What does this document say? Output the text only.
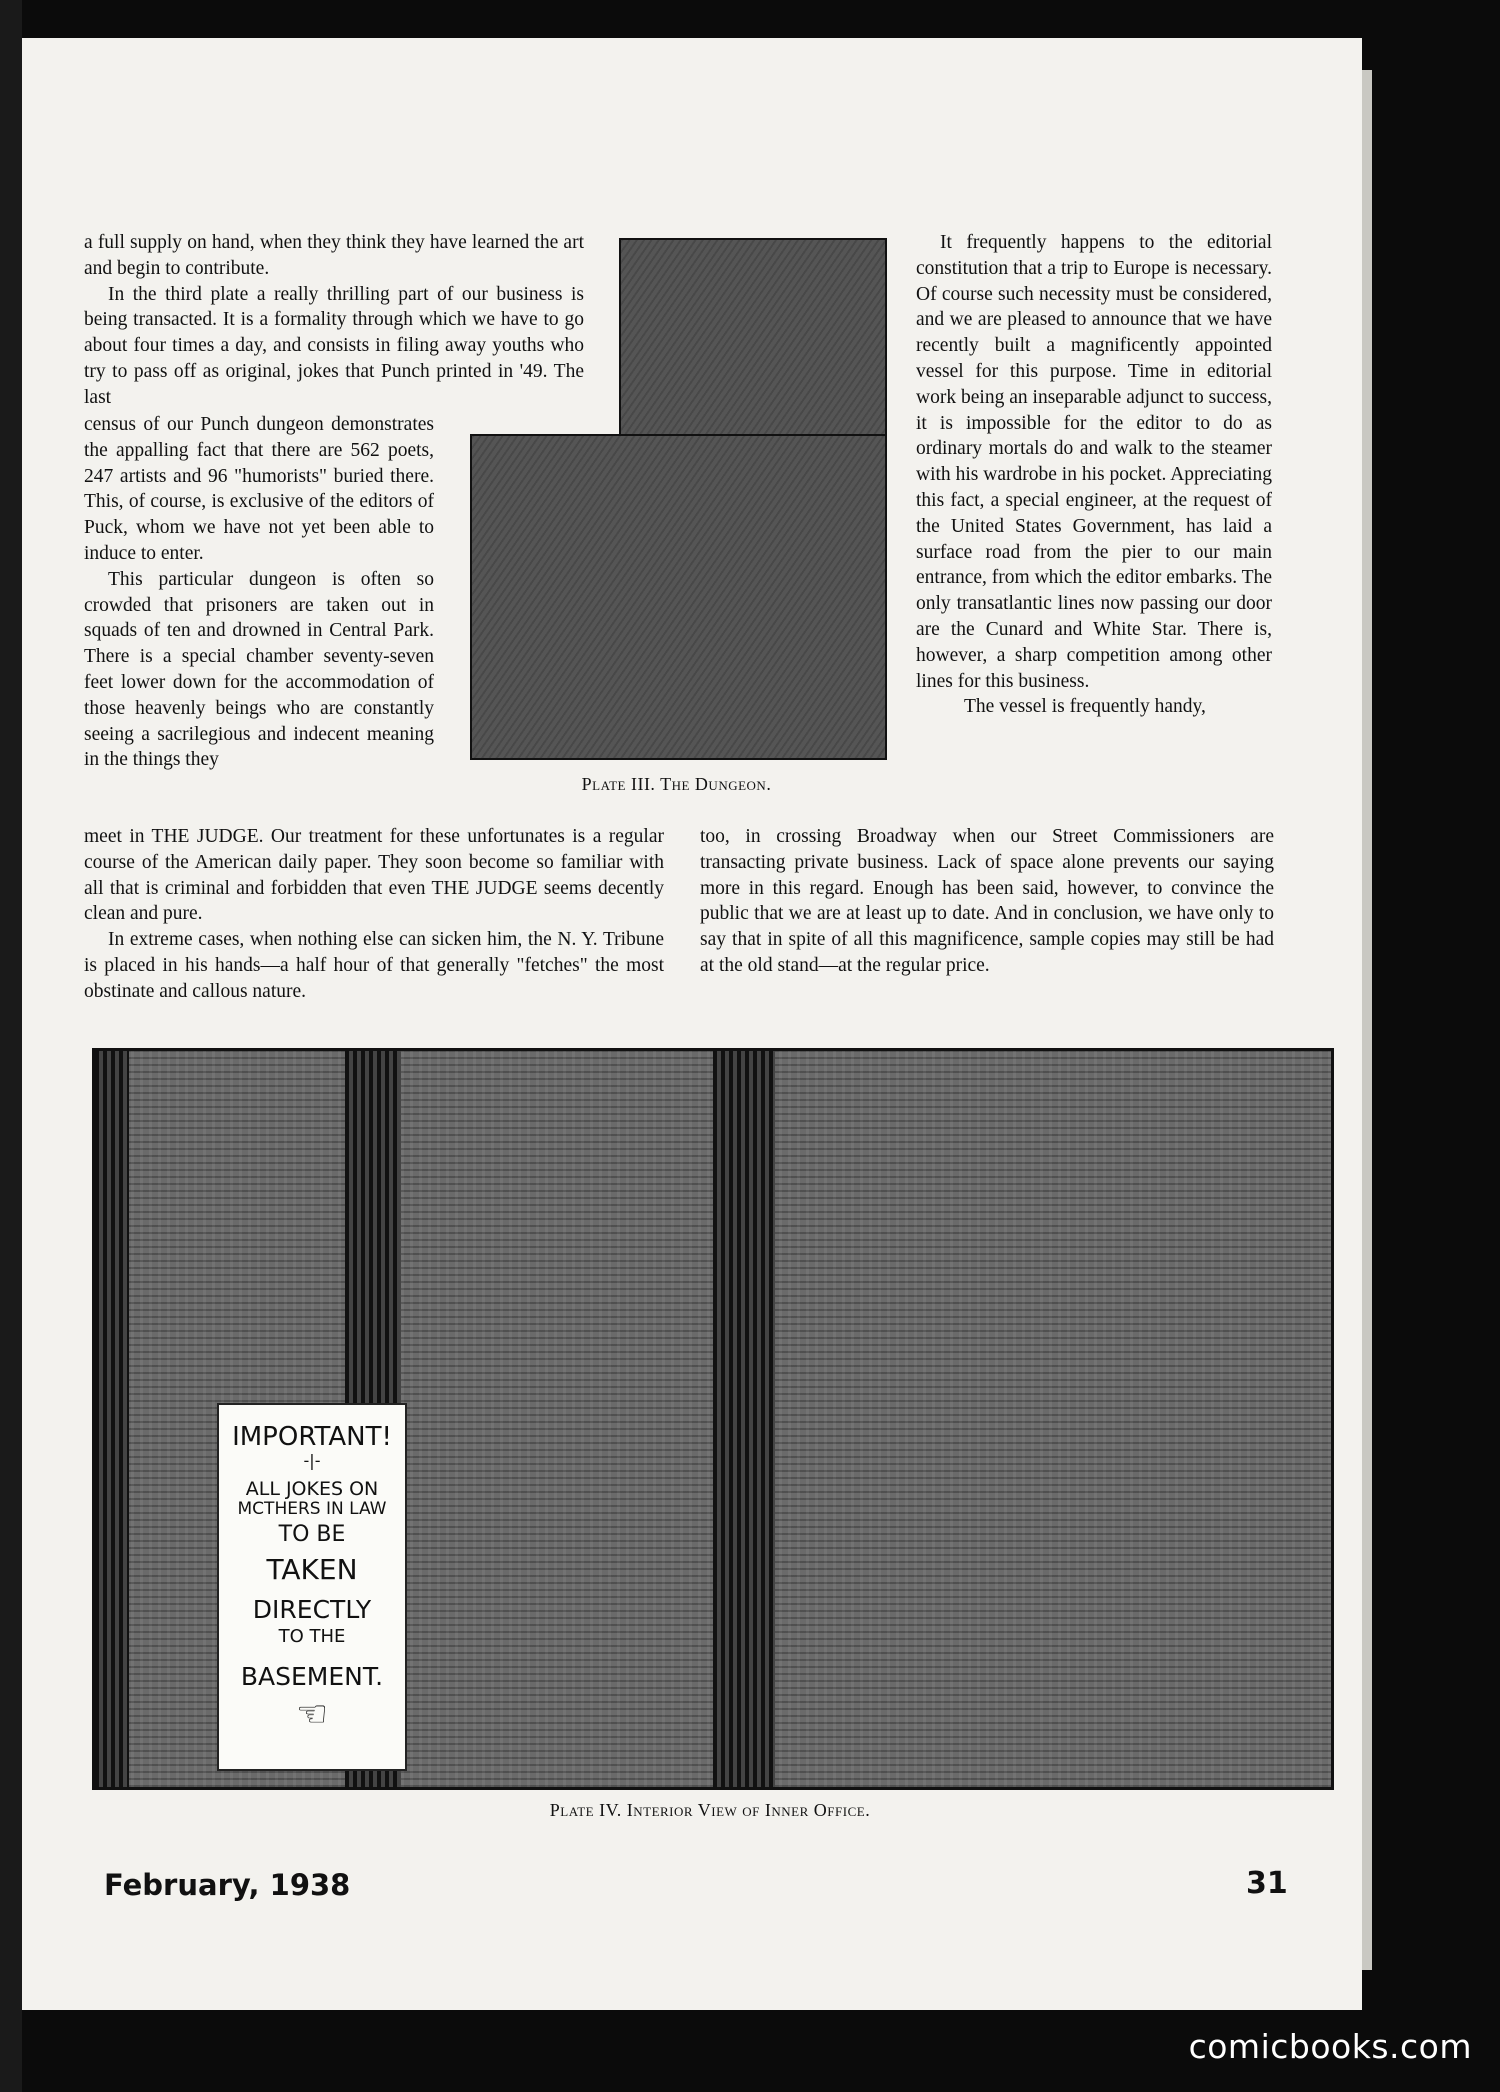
a full supply on hand, when they think they have learned the art and begin to contribute.

In the third plate a really thrilling part of our business is being transacted. It is a formality through which we have to go about four times a day, and consists in filing away youths who try to pass off as original, jokes that Punch printed in '49. The last

census of our Punch dungeon demonstrates the appalling fact that there are 562 poets, 247 artists and 96 "humorists" buried there. This, of course, is exclusive of the editors of Puck, whom we have not yet been able to induce to enter.

This particular dungeon is often so crowded that prisoners are taken out in squads of ten and drowned in Central Park. There is a special chamber seventy-seven feet lower down for the accommodation of those heavenly beings who are constantly seeing a sacrilegious and indecent meaning in the things they

meet in THE JUDGE. Our treatment for these unfortunates is a regular course of the American daily paper. They soon become so familiar with all that is criminal and forbidden that even THE JUDGE seems decently clean and pure.

In extreme cases, when nothing else can sicken him, the N. Y. Tribune is placed in his hands—a half hour of that generally "fetches" the most obstinate and callous nature.

Plate III. The Dungeon.

It frequently happens to the editorial constitution that a trip to Europe is necessary. Of course such necessity must be considered, and we are pleased to announce that we have recently built a magnificently appointed vessel for this purpose. Time in editorial work being an inseparable adjunct to success, it is impossible for the editor to do as ordinary mortals do and walk to the steamer with his wardrobe in his pocket. Appreciating this fact, a special engineer, at the request of the United States Government, has laid a surface road from the pier to our main entrance, from which the editor embarks. The only transatlantic lines now passing our door are the Cunard and White Star. There is, however, a sharp competition among other lines for this business.

The vessel is frequently handy,

too, in crossing Broadway when our Street Commissioners are transacting private business. Lack of space alone prevents our saying more in this regard. Enough has been said, however, to convince the public that we are at least up to date. And in conclusion, we have only to say that in spite of all this magnificence, sample copies may still be had at the old stand—at the regular price.

IMPORTANT!
-|-
ALL JOKES ON
MCTHERS IN LAW
TO BE
TAKEN
DIRECTLY
TO THE
BASEMENT.
☜
Plate IV. Interior View of Inner Office.
February, 1938	31
comicbooks.com
